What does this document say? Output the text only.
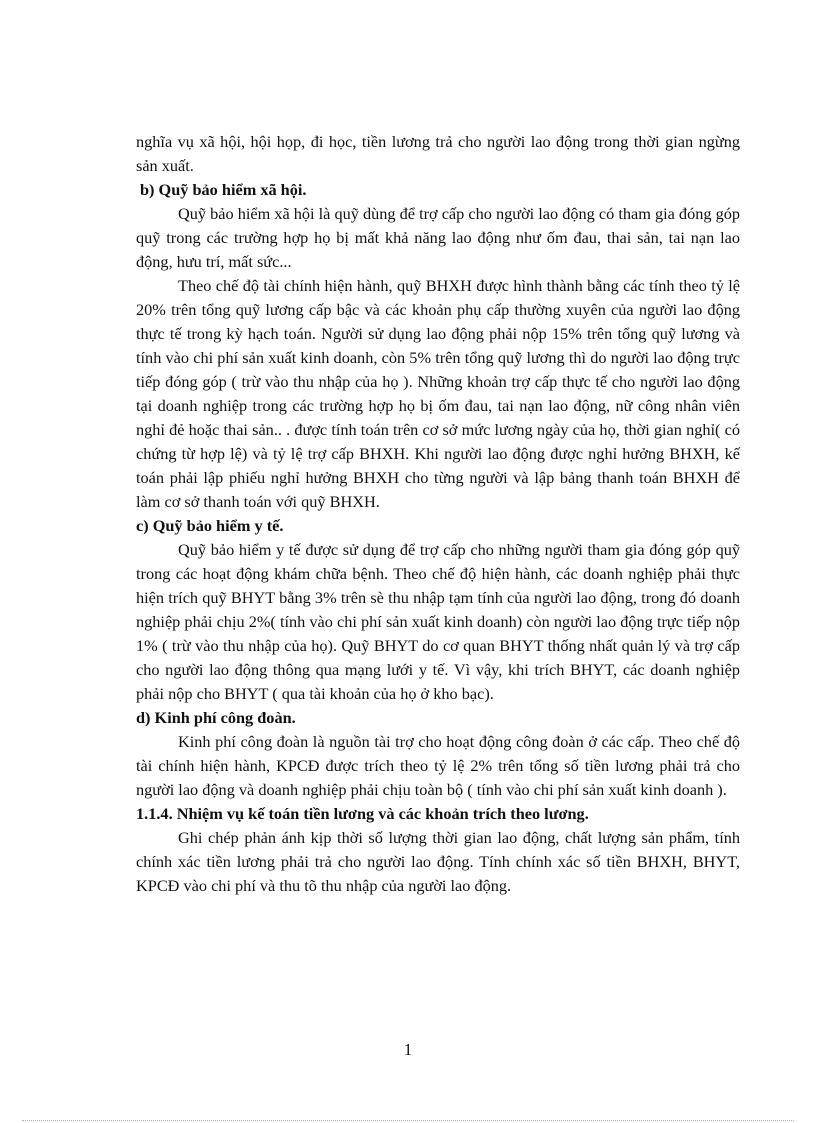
nghĩa vụ xã hội, hội họp, đi học, tiền lương trả cho người lao động trong thời gian ngừng sản xuất.

b) Quỹ bảo hiểm xã hội.

Quỹ bảo hiểm xã hội là quỹ dùng để trợ cấp cho người lao động có tham gia đóng góp quỹ trong các trường hợp họ bị mất khả năng lao động như ốm đau, thai sản, tai nạn lao động, hưu trí, mất sức...

Theo chế độ tài chính hiện hành, quỹ BHXH được hình thành bằng các tính theo tỷ lệ 20% trên tổng quỹ lương cấp bậc và các khoản phụ cấp thường xuyên của người lao động thực tế trong kỳ hạch toán. Người sử dụng lao động phải nộp 15% trên tổng quỹ lương và tính vào chi phí sản xuất kinh doanh, còn 5% trên tổng quỹ lương thì do người lao động trực tiếp đóng góp ( trừ vào thu nhập của họ ). Những khoản trợ cấp thực tế cho người lao động tại doanh nghiệp trong các trường hợp họ bị ốm đau, tai nạn lao động, nữ công nhân viên nghỉ đẻ hoặc thai sản.. . được tính toán trên cơ sở mức lương ngày của họ, thời gian nghỉ( có chứng từ hợp lệ) và tỷ lệ trợ cấp BHXH. Khi người lao động được nghỉ hưởng BHXH, kế toán phải lập phiếu nghỉ hưởng BHXH cho từng người và lập bảng thanh toán BHXH để làm cơ sở thanh toán với quỹ BHXH.

c) Quỹ bảo hiểm y tế.

Quỹ bảo hiểm y tế được sử dụng để trợ cấp cho những người tham gia đóng góp quỹ trong các hoạt động khám chữa bệnh. Theo chế độ hiện hành, các doanh nghiệp phải thực hiện trích quỹ BHYT bằng 3% trên sè thu nhập tạm tính của người lao động, trong đó doanh nghiệp phải chịu 2%( tính vào chi phí sản xuất kinh doanh) còn người lao động trực tiếp nộp 1% ( trừ vào thu nhập của họ). Quỹ BHYT do cơ quan BHYT thống nhất quản lý và trợ cấp cho người lao động thông qua mạng lưới y tế. Vì vậy, khi trích BHYT, các doanh nghiệp phải nộp cho BHYT ( qua tài khoản của họ ở kho bạc).

d) Kinh phí công đoàn.

Kinh phí công đoàn là nguồn tài trợ cho hoạt động công đoàn ở các cấp. Theo chế độ tài chính hiện hành, KPCĐ được trích theo tỷ lệ 2% trên tổng số tiền lương phải trả cho người lao động và doanh nghiệp phải chịu toàn bộ ( tính vào chi phí sản xuất kinh doanh ).

1.1.4. Nhiệm vụ kế toán tiền lương và các khoản trích theo lương.

Ghi chép phản ánh kịp thời số lượng thời gian lao động, chất lượng sản phẩm, tính chính xác tiền lương phải trả cho người lao động. Tính chính xác số tiền BHXH, BHYT, KPCĐ vào chi phí và thu tõ thu nhập của người lao động.

1
